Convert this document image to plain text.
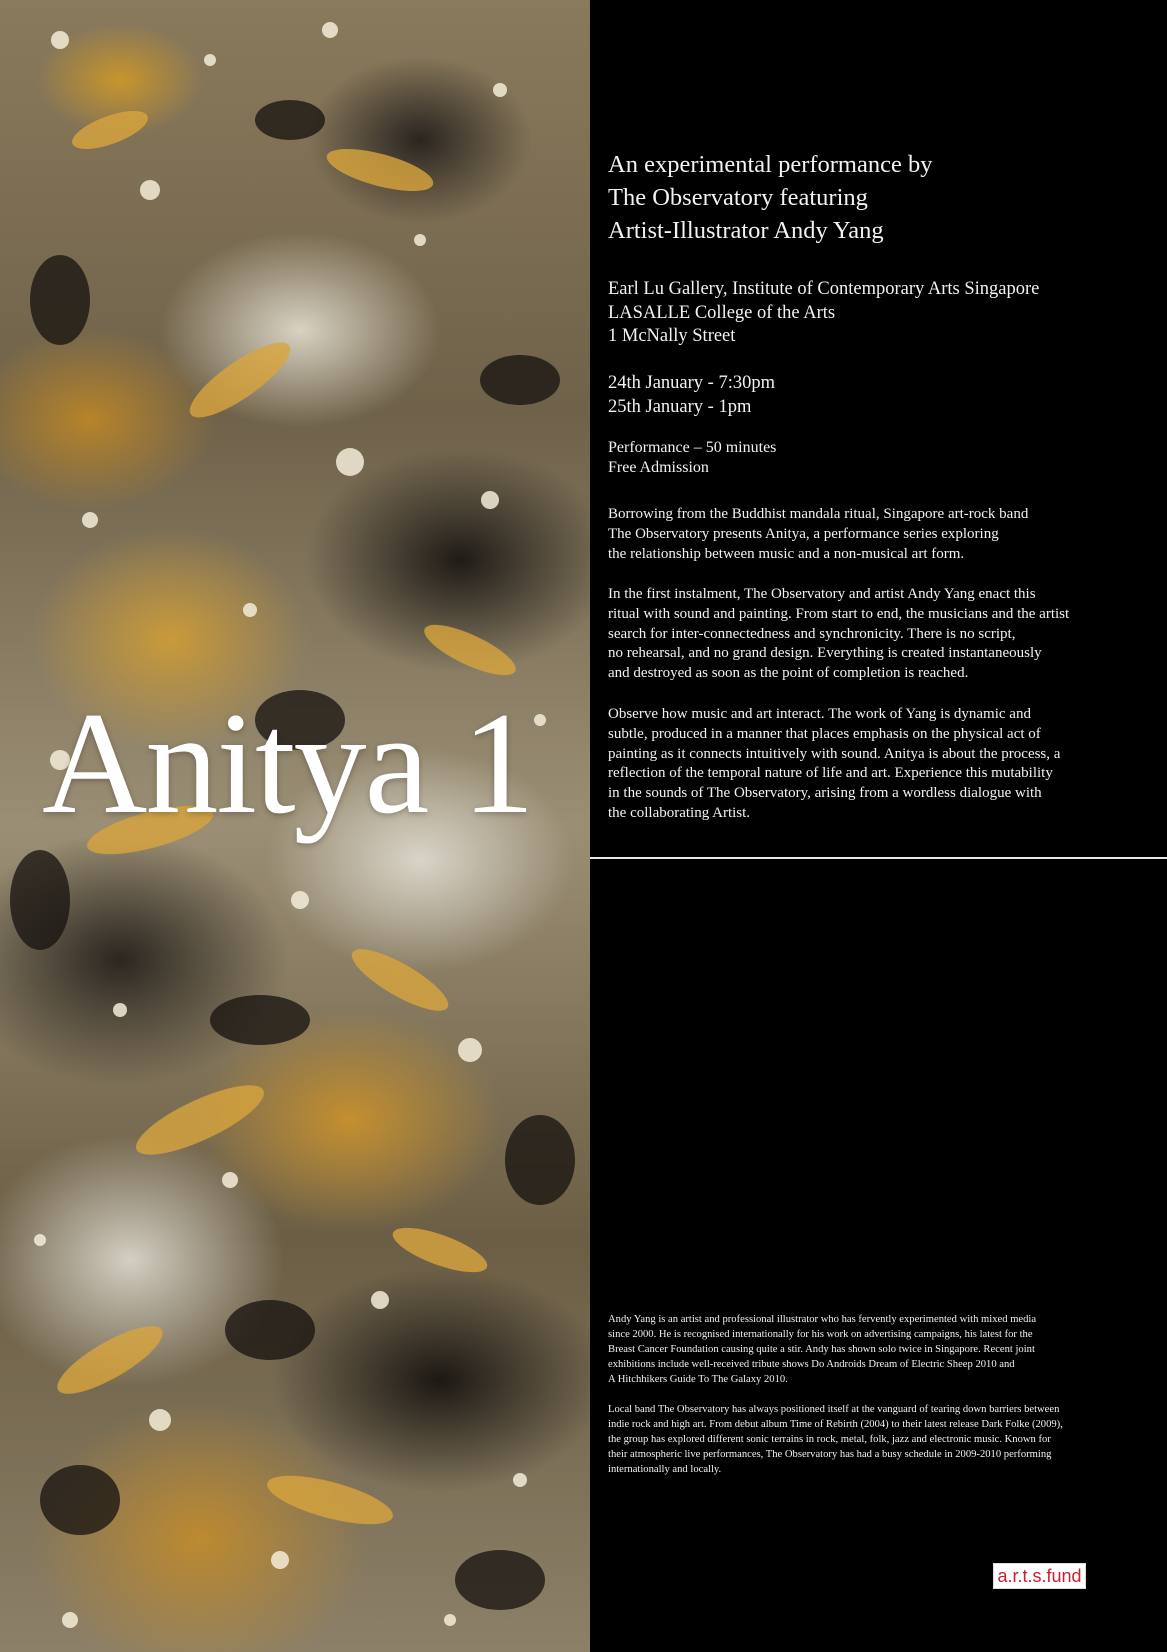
Anitya 1

An experimental performance by
The Observatory featuring
Artist-Illustrator Andy Yang

Earl Lu Gallery, Institute of Contemporary Arts Singapore
LASALLE College of the Arts
1 McNally Street

24th January - 7:30pm
25th January - 1pm

Performance – 50 minutes
Free Admission

Borrowing from the Buddhist mandala ritual, Singapore art-rock band
The Observatory presents Anitya, a performance series exploring
the relationship between music and a non-musical art form.

In the first instalment, The Observatory and artist Andy Yang enact this
ritual with sound and painting. From start to end, the musicians and the artist
search for inter-connectedness and synchronicity. There is no script,
no rehearsal, and no grand design. Everything is created instantaneously
and destroyed as soon as the point of completion is reached.

Observe how music and art interact. The work of Yang is dynamic and
subtle, produced in a manner that places emphasis on the physical act of
painting as it connects intuitively with sound. Anitya is about the process, a
reflection of the temporal nature of life and art. Experience this mutability
in the sounds of The Observatory, arising from a wordless dialogue with
the collaborating Artist.

Andy Yang is an artist and professional illustrator who has fervently experimented with mixed media
since 2000. He is recognised internationally for his work on advertising campaigns, his latest for the
Breast Cancer Foundation causing quite a stir. Andy has shown solo twice in Singapore. Recent joint
exhibitions include well-received tribute shows Do Androids Dream of Electric Sheep 2010 and
A Hitchhikers Guide To The Galaxy 2010.

Local band The Observatory has always positioned itself at the vanguard of tearing down barriers between
indie rock and high art. From debut album Time of Rebirth (2004) to their latest release Dark Folke (2009),
the group has explored different sonic terrains in rock, metal, folk, jazz and electronic music. Known for
their atmospheric live performances, The Observatory has had a busy schedule in 2009-2010 performing
internationally and locally.

a.r.t.s.fund
